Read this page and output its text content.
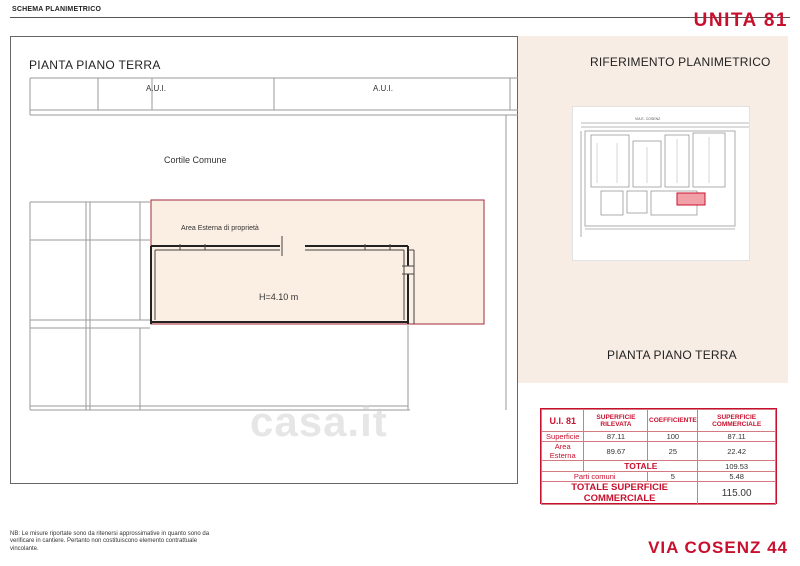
SCHEMA PLANIMETRICO
UNITA 81
PIANTA PIANO TERRA
A.U.I.	A.U.I.
Cortile Comune
Area Esterna di proprietà
H=4.10 m
casa.it
RIFERIMENTO PLANIMETRICO
VIA E. COSENZ
PIANTA PIANO TERRA
U.I. 81	SUPERFICIE RILEVATA	COEFFICIENTE	SUPERFICIE COMMERCIALE
Superficie	87.11	100	87.11
Area Esterna	89.67	25	22.42
	TOTALE		109.53
Parti comuni		5	5.48
TOTALE SUPERFICIE COMMERCIALE			115.00
NB: Le misure riportate sono da ritenersi approssimative in quanto sono da verificare in cantiere. Pertanto non costituiscono elemento contrattuale vincolante.	VIA COSENZ 44
